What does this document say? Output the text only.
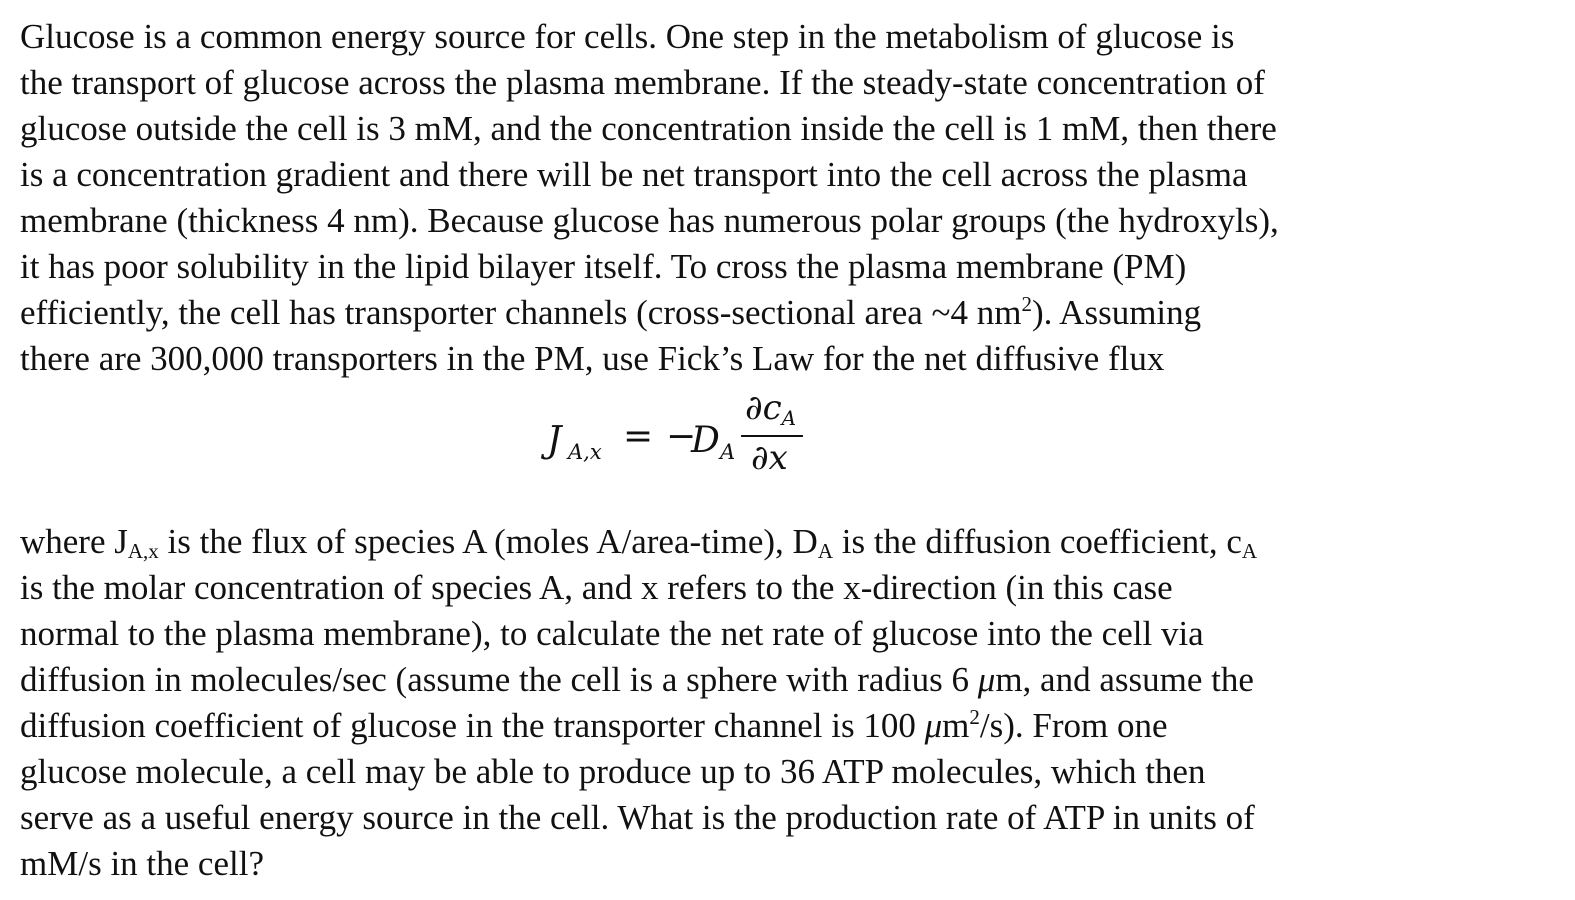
Glucose is a common energy source for cells. One step in the metabolism of glucose is
the transport of glucose across the plasma membrane. If the steady-state concentration of
glucose outside the cell is 3 mM, and the concentration inside the cell is 1 mM, then there
is a concentration gradient and there will be net transport into the cell across the plasma
membrane (thickness 4 nm). Because glucose has numerous polar groups (the hydroxyls),
it has poor solubility in the lipid bilayer itself. To cross the plasma membrane (PM)
efficiently, the cell has transporter channels (cross-sectional area ~4 $nm^2$). Assuming
there are 300,000 transporters in the PM, use Fick’s Law for the net diffusive flux

J A,x = −
D A
∂cA
∂x

where $J_{A,x}$ is the flux of species A (moles A/area-time), $D_A$ is the diffusion coefficient, $c_A$
is the molar concentration of species A, and x refers to the x-direction (in this case
normal to the plasma membrane), to calculate the net rate of glucose into the cell via
diffusion in molecules/sec (assume the cell is a sphere with radius 6 μm, and assume the
diffusion coefficient of glucose in the transporter channel is 100 $\mu m^2/s$). From one
glucose molecule, a cell may be able to produce up to 36 ATP molecules, which then
serve as a useful energy source in the cell. What is the production rate of ATP in units of
mM/s in the cell?
